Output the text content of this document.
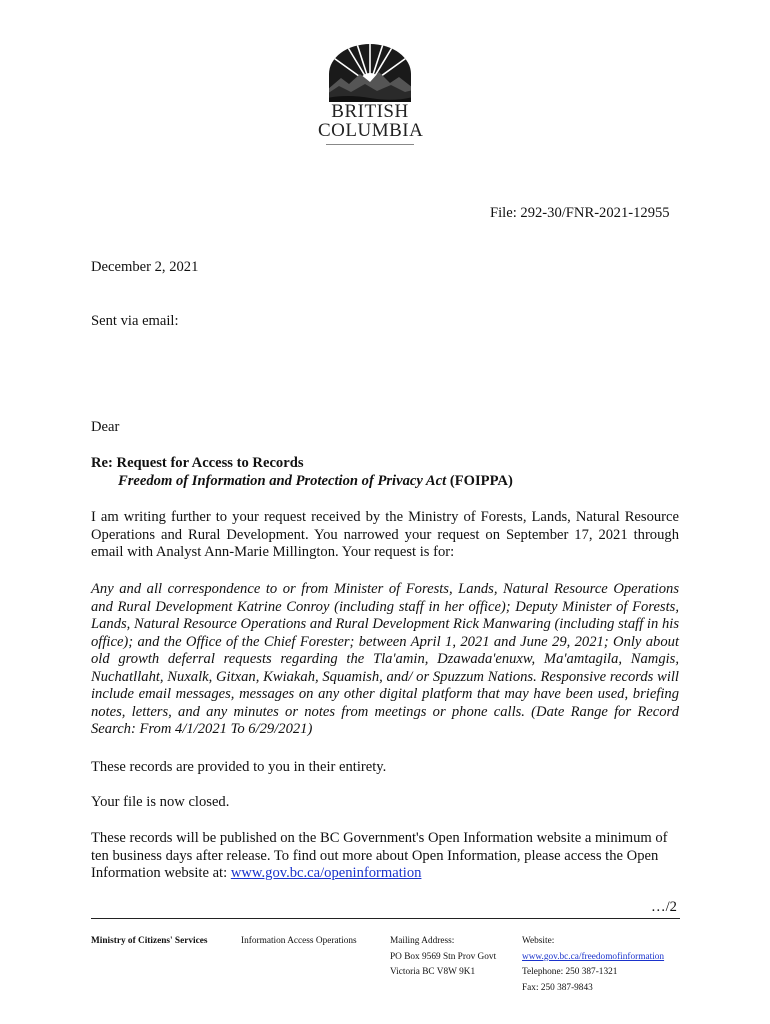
BRITISH
COLUMBIA
File: 292-30/FNR-2021-12955
December 2, 2021
Sent via email:
Dear
Re: Request for Access to Records
Freedom of Information and Protection of Privacy Act (FOIPPA)
I am writing further to your request received by the Ministry of Forests, Lands, Natural Resource Operations and Rural Development. You narrowed your request on September 17, 2021 through email with Analyst Ann-Marie Millington. Your request is for:
Any and all correspondence to or from Minister of Forests, Lands, Natural Resource Operations and Rural Development Katrine Conroy (including staff in her office); Deputy Minister of Forests, Lands, Natural Resource Operations and Rural Development Rick Manwaring (including staff in his office); and the Office of the Chief Forester; between April 1, 2021 and June 29, 2021; Only about old growth deferral requests regarding the Tla'amin, Dzawada'enuxw, Ma'amtagila, Namgis, Nuchatllaht, Nuxalk, Gitxan, Kwiakah, Squamish, and/ or Spuzzum Nations. Responsive records will include email messages, messages on any other digital platform that may have been used, briefing notes, letters, and any minutes or notes from meetings or phone calls. (Date Range for Record Search: From 4/1/2021 To 6/29/2021)
These records are provided to you in their entirety.
Your file is now closed.
These records will be published on the BC Government's Open Information website a minimum of ten business days after release. To find out more about Open Information, please access the Open Information website at: www.gov.bc.ca/openinformation
…/2
Ministry of Citizens' Services	Information Access Operations	Mailing Address:
PO Box 9569 Stn Prov Govt
Victoria BC V8W 9K1
Website:
www.gov.bc.ca/freedomofinformation
Telephone: 250 387-1321
Fax: 250 387-9843
